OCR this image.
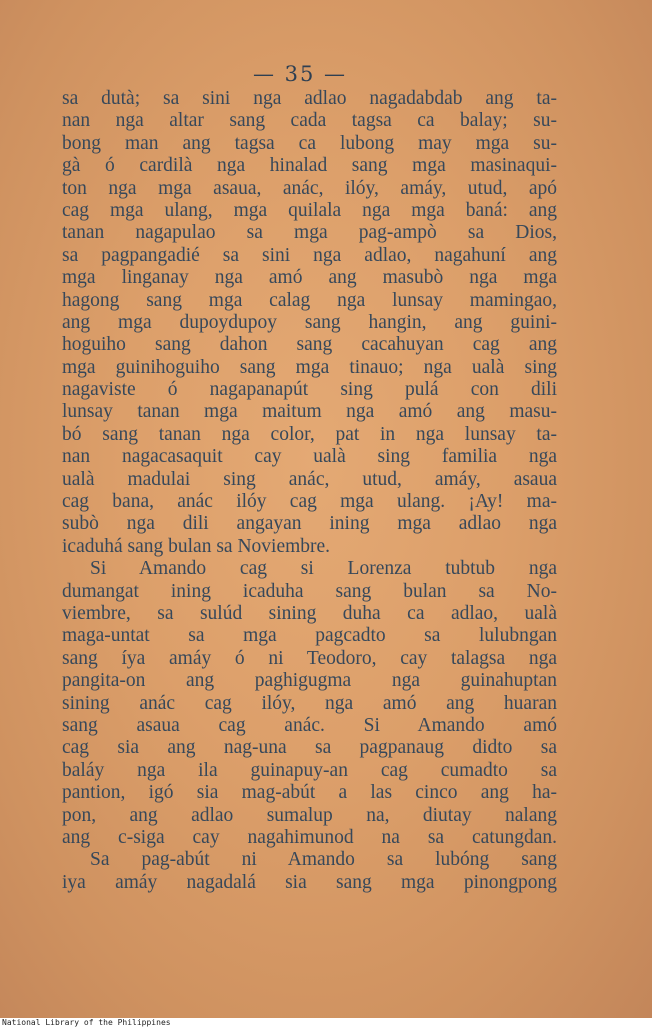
— 35 —
sa dutà; sa sini nga adlao nagadabdab ang ta-
nan nga altar sang cada tagsa ca balay; su-
bong man ang tagsa ca lubong may mga su-
gà ó cardilà nga hinalad sang mga masinaqui-
ton nga mga asaua, anác, ilóy, amáy, utud, apó
cag mga ulang, mga quilala nga mga baná: ang
tanan nagapulao sa mga pag-ampò sa Dios,
sa pagpangadié sa sini nga adlao, nagahuní ang
mga linganay nga amó ang masubò nga mga
hagong sang mga calag nga lunsay mamingao,
ang mga dupoydupoy sang hangin, ang guini-
hoguiho sang dahon sang cacahuyan cag ang
mga guinihoguiho sang mga tinauo; nga ualà sing
nagaviste ó nagapanapút sing pulá con dili
lunsay tanan mga maitum nga amó ang masu-
bó sang tanan nga color, pat in nga lunsay ta-
nan nagacasaquit cay ualà sing familia nga
ualà madulai sing anác, utud, amáy, asaua
cag bana, anác ilóy cag mga ulang. ¡Ay! ma-
subò nga dili angayan ining mga adlao nga
icaduhá sang bulan sa Noviembre.
Si Amando cag si Lorenza tubtub nga
dumangat ining icaduha sang bulan sa No-
viembre, sa sulúd sining duha ca adlao, ualà
maga-untat sa mga pagcadto sa lulubngan
sang íya amáy ó ni Teodoro, cay talagsa nga
pangita-on ang paghigugma nga guinahuptan
sining anác cag ilóy, nga amó ang huaran
sang asaua cag anác. Si Amando amó
cag sia ang nag-una sa pagpanaug didto sa
baláy nga ila guinapuy-an cag cumadto sa
pantion, igó sia mag-abút a las cinco ang ha-
pon, ang adlao sumalup na, diutay nalang
ang c-siga cay nagahimunod na sa catungdan.
Sa pag-abút ni Amando sa lubóng sang
iya amáy nagadalá sia sang mga pinongpong
National Library of the Philippines
